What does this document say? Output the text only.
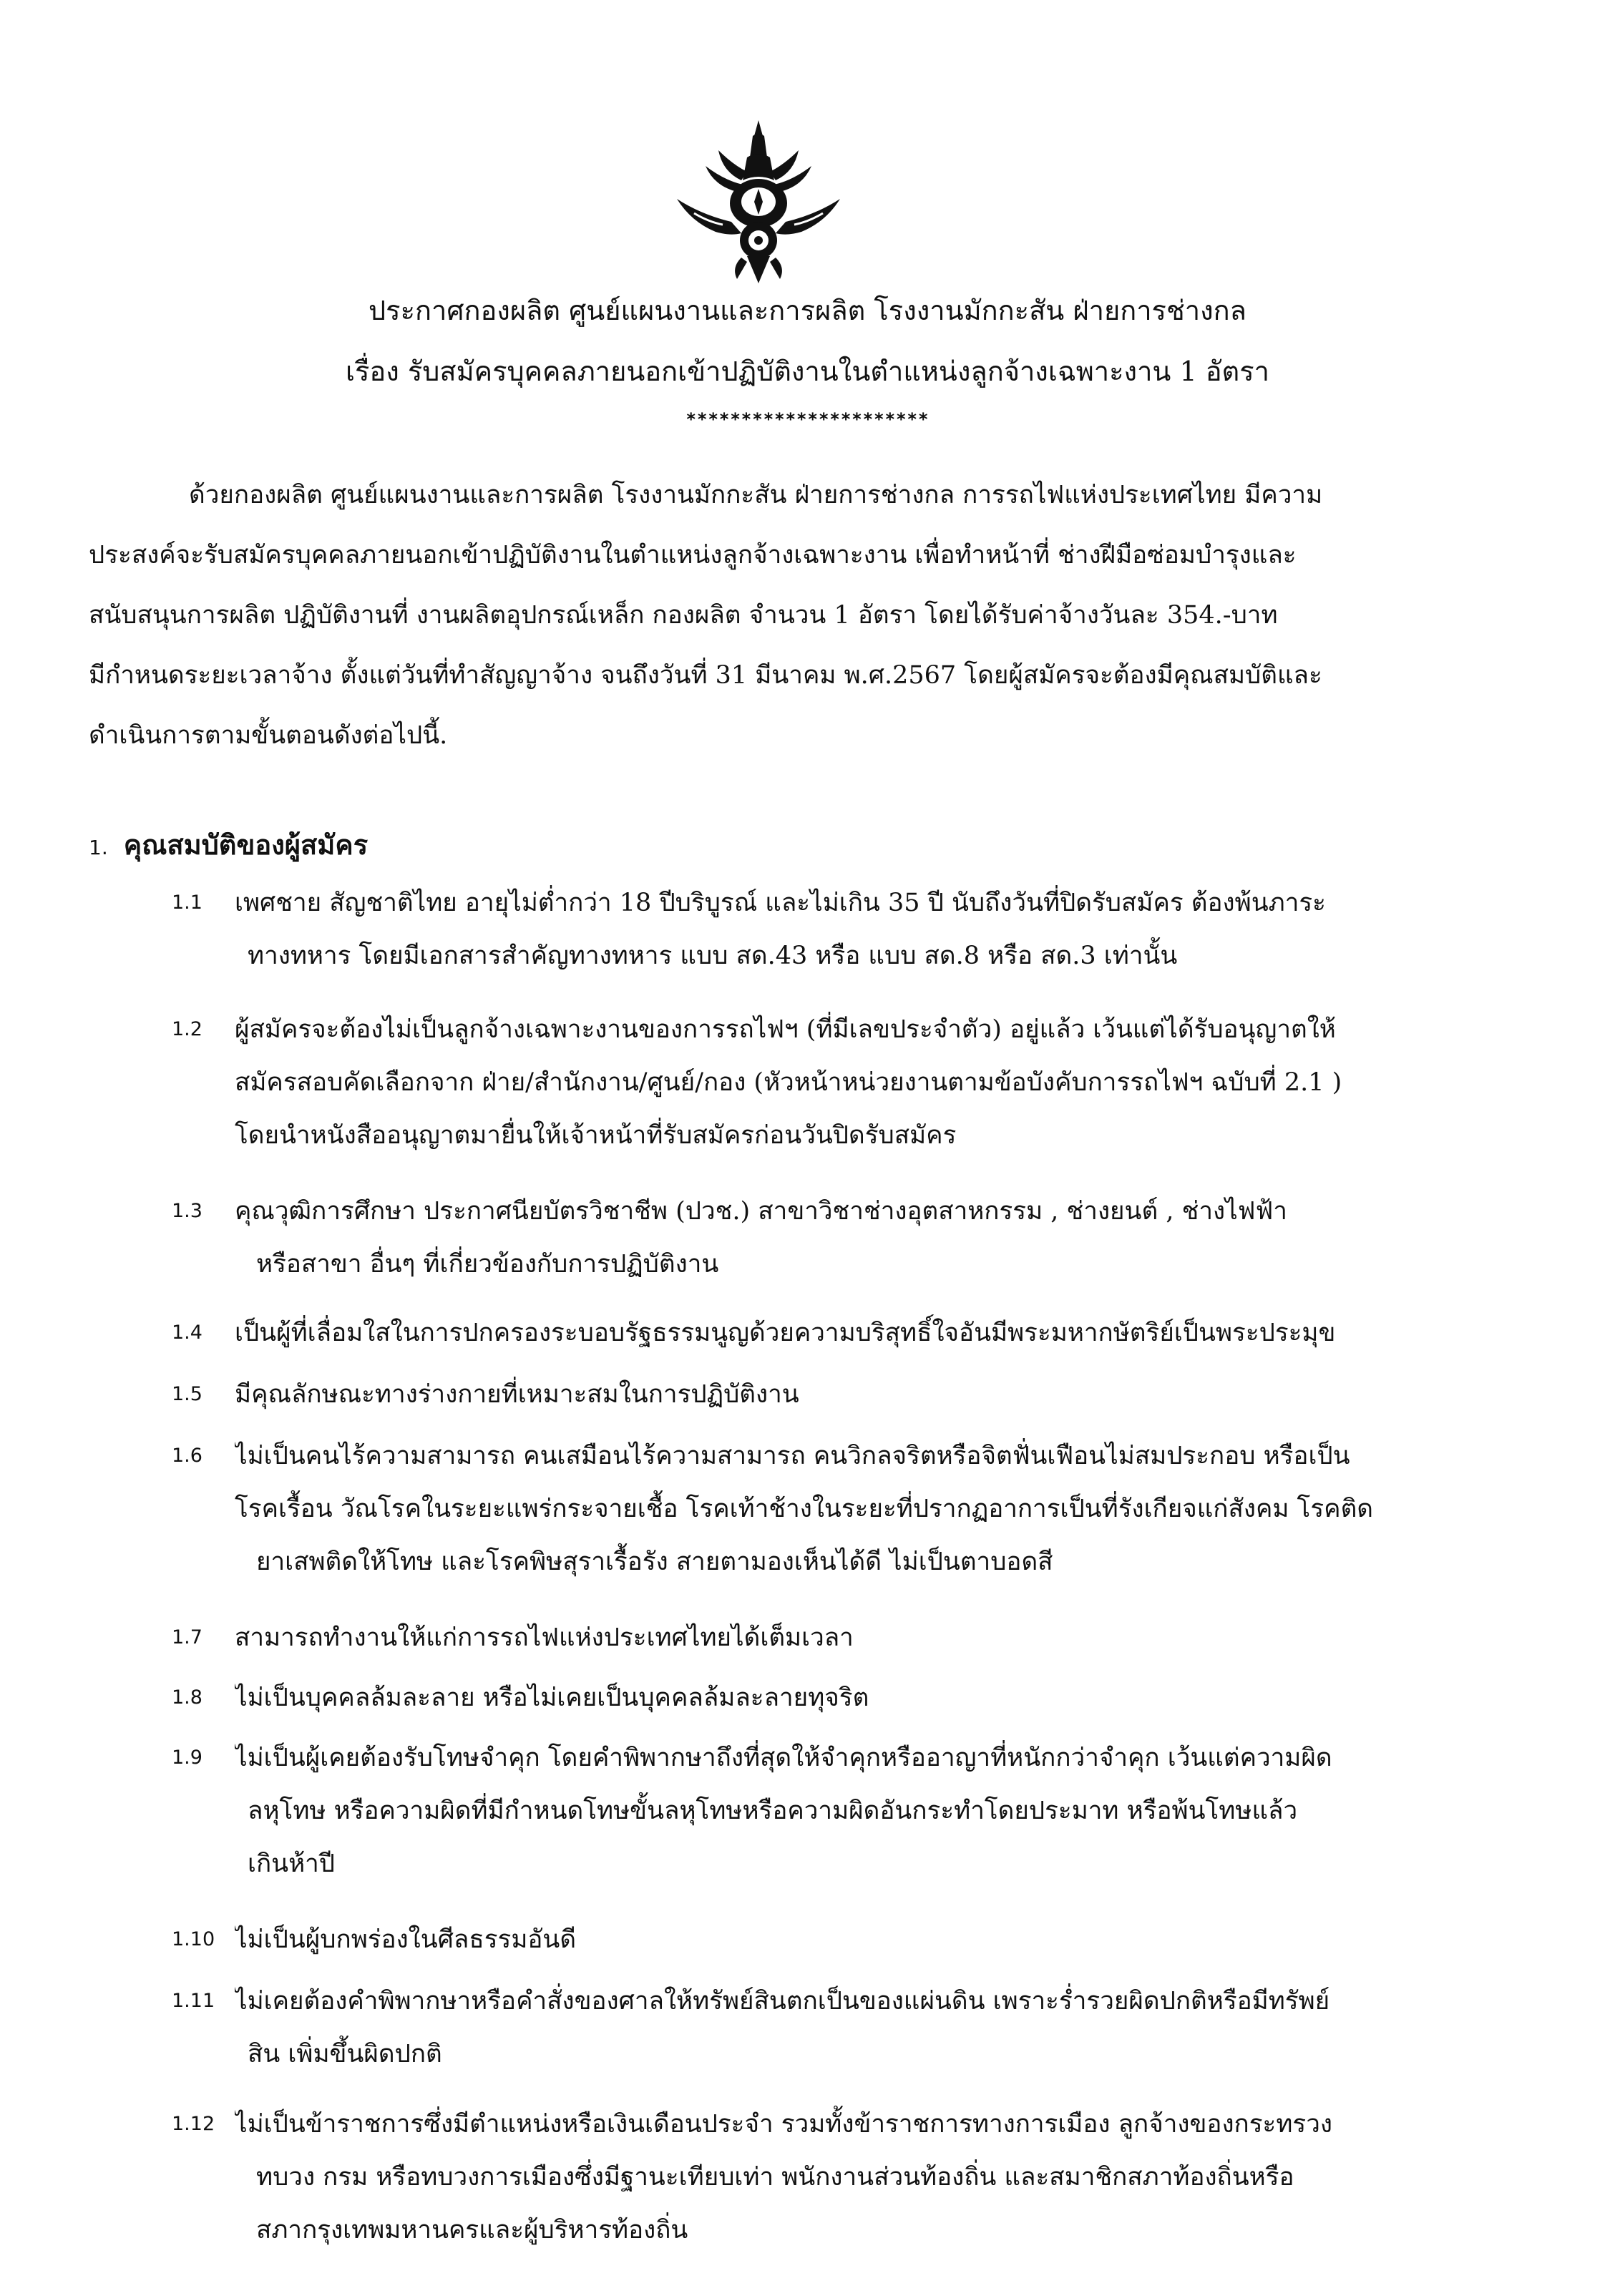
ประกาศกองผลิต ศูนย์แผนงานและการผลิต โรงงานมักกะสัน ฝ่ายการช่างกล
เรื่อง รับสมัครบุคคลภายนอกเข้าปฏิบัติงานในตำแหน่งลูกจ้างเฉพาะงาน 1 อัตรา
**********************
ด้วยกองผลิต ศูนย์แผนงานและการผลิต โรงงานมักกะสัน ฝ่ายการช่างกล การรถไฟแห่งประเทศไทย มีความ
ประสงค์จะรับสมัครบุคคลภายนอกเข้าปฏิบัติงานในตำแหน่งลูกจ้างเฉพาะงาน เพื่อทำหน้าที่ ช่างฝีมือซ่อมบำรุงและ
สนับสนุนการผลิต ปฏิบัติงานที่ งานผลิตอุปกรณ์เหล็ก กองผลิต จำนวน 1 อัตรา โดยได้รับค่าจ้างวันละ 354.-บาท
มีกำหนดระยะเวลาจ้าง ตั้งแต่วันที่ทำสัญญาจ้าง จนถึงวันที่ 31 มีนาคม พ.ศ.2567 โดยผู้สมัครจะต้องมีคุณสมบัติและ
ดำเนินการตามขั้นตอนดังต่อไปนี้.
1. คุณสมบัติของผู้สมัคร
1.1	เพศชาย สัญชาติไทย อายุไม่ต่ำกว่า 18 ปีบริบูรณ์ และไม่เกิน 35 ปี นับถึงวันที่ปิดรับสมัคร ต้องพ้นภาระ
ทางทหาร โดยมีเอกสารสำคัญทางทหาร แบบ สด.43 หรือ แบบ สด.8 หรือ สด.3 เท่านั้น
1.2	ผู้สมัครจะต้องไม่เป็นลูกจ้างเฉพาะงานของการรถไฟฯ (ที่มีเลขประจำตัว) อยู่แล้ว เว้นแต่ได้รับอนุญาตให้
สมัครสอบคัดเลือกจาก ฝ่าย/สำนักงาน/ศูนย์/กอง (หัวหน้าหน่วยงานตามข้อบังคับการรถไฟฯ ฉบับที่ 2.1 )
โดยนำหนังสืออนุญาตมายื่นให้เจ้าหน้าที่รับสมัครก่อนวันปิดรับสมัคร
1.3	คุณวุฒิการศึกษา ประกาศนียบัตรวิชาชีพ (ปวช.) สาขาวิชาช่างอุตสาหกรรม , ช่างยนต์ , ช่างไฟฟ้า
หรือสาขา อื่นๆ ที่เกี่ยวข้องกับการปฏิบัติงาน
1.4	เป็นผู้ที่เลื่อมใสในการปกครองระบอบรัฐธรรมนูญด้วยความบริสุทธิ์ใจอันมีพระมหากษัตริย์เป็นพระประมุข
1.5	มีคุณลักษณะทางร่างกายที่เหมาะสมในการปฏิบัติงาน
1.6	ไม่เป็นคนไร้ความสามารถ คนเสมือนไร้ความสามารถ คนวิกลจริตหรือจิตฟั่นเฟือนไม่สมประกอบ หรือเป็น
โรคเรื้อน วัณโรคในระยะแพร่กระจายเชื้อ โรคเท้าช้างในระยะที่ปรากฏอาการเป็นที่รังเกียจแก่สังคม โรคติด
ยาเสพติดให้โทษ และโรคพิษสุราเรื้อรัง สายตามองเห็นได้ดี ไม่เป็นตาบอดสี
1.7	สามารถทำงานให้แก่การรถไฟแห่งประเทศไทยได้เต็มเวลา
1.8	ไม่เป็นบุคคลล้มละลาย หรือไม่เคยเป็นบุคคลล้มละลายทุจริต
1.9	ไม่เป็นผู้เคยต้องรับโทษจำคุก โดยคำพิพากษาถึงที่สุดให้จำคุกหรืออาญาที่หนักกว่าจำคุก เว้นแต่ความผิด
ลหุโทษ หรือความผิดที่มีกำหนดโทษขั้นลหุโทษหรือความผิดอันกระทำโดยประมาท หรือพ้นโทษแล้ว
เกินห้าปี
1.10 ไม่เป็นผู้บกพร่องในศีลธรรมอันดี
1.11 ไม่เคยต้องคำพิพากษาหรือคำสั่งของศาลให้ทรัพย์สินตกเป็นของแผ่นดิน เพราะร่ำรวยผิดปกติหรือมีทรัพย์
สิน เพิ่มขึ้นผิดปกติ
1.12 ไม่เป็นข้าราชการซึ่งมีตำแหน่งหรือเงินเดือนประจำ รวมทั้งข้าราชการทางการเมือง ลูกจ้างของกระทรวง
ทบวง กรม หรือทบวงการเมืองซึ่งมีฐานะเทียบเท่า พนักงานส่วนท้องถิ่น และสมาชิกสภาท้องถิ่นหรือ
สภากรุงเทพมหานครและผู้บริหารท้องถิ่น
